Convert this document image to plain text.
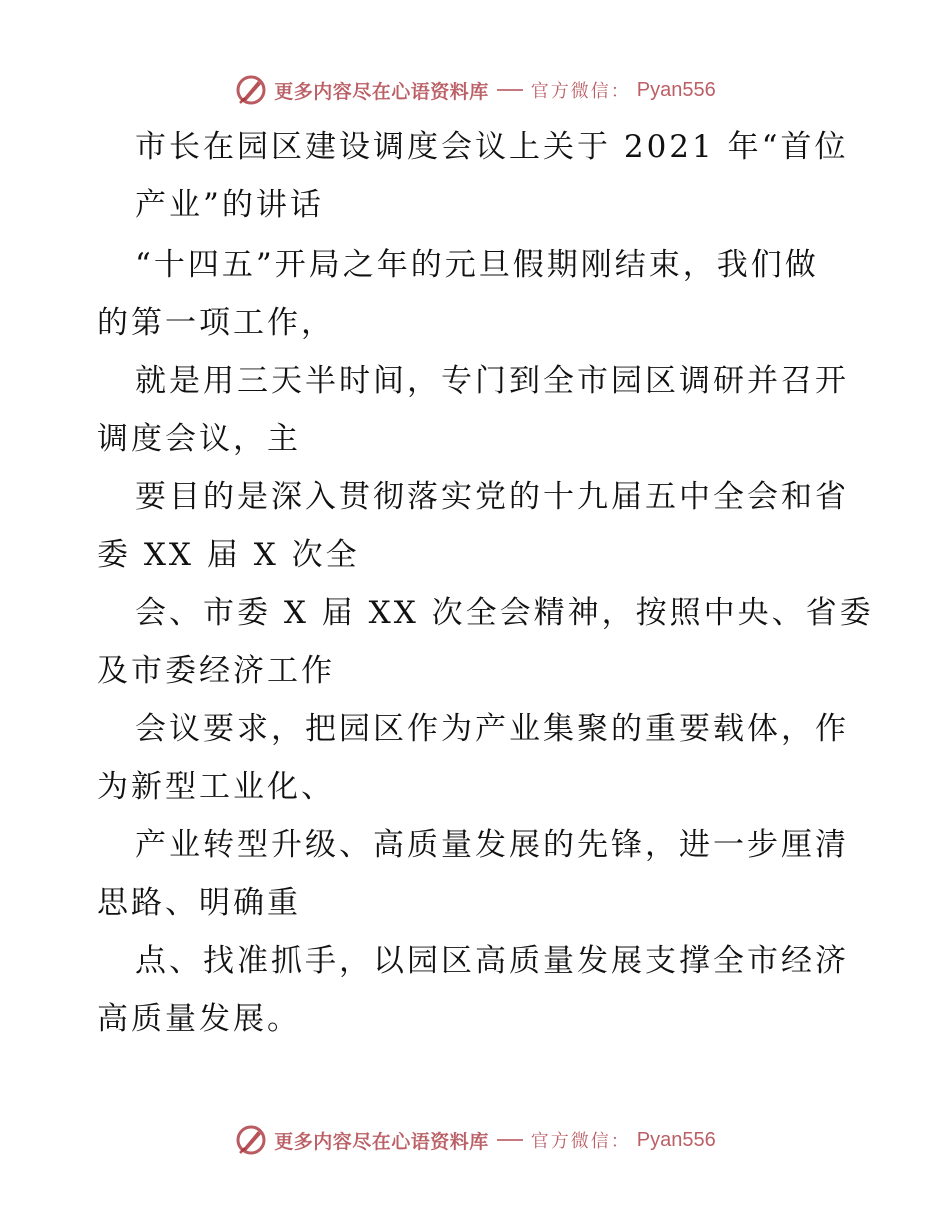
更多内容尽在心语资料库 官方微信： Pyan556
市长在园区建设调度会议上关于 2021 年“首位
产业”的讲话
“十四五”开局之年的元旦假期刚结束，我们做
的第一项工作，
就是用三天半时间，专门到全市园区调研并召开
调度会议，主
要目的是深入贯彻落实党的十九届五中全会和省
委 XX 届 X 次全
会、市委 X 届 XX 次全会精神，按照中央、省委
及市委经济工作
会议要求，把园区作为产业集聚的重要载体，作
为新型工业化、
产业转型升级、高质量发展的先锋，进一步厘清
思路、明确重
点、找准抓手，以园区高质量发展支撑全市经济
高质量发展。
更多内容尽在心语资料库 官方微信： Pyan556
